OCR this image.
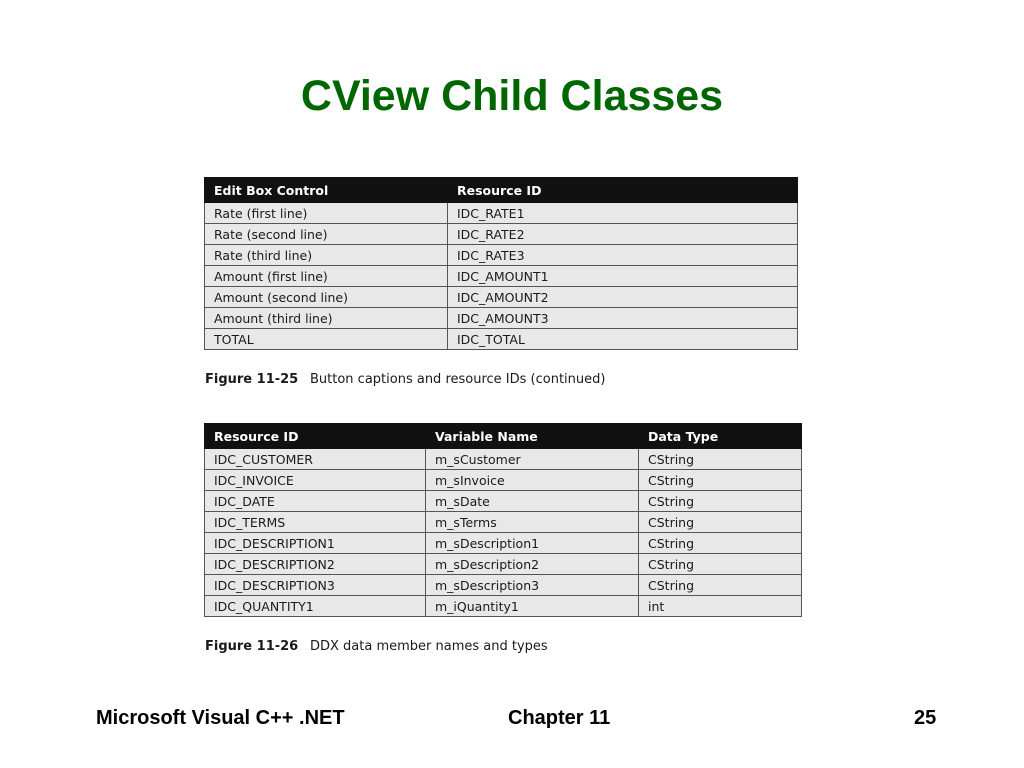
CView Child Classes
Edit Box Control	Resource ID
Rate (first line)	IDC_RATE1
Rate (second line)	IDC_RATE2
Rate (third line)	IDC_RATE3
Amount (first line)	IDC_AMOUNT1
Amount (second line)	IDC_AMOUNT2
Amount (third line)	IDC_AMOUNT3
TOTAL	IDC_TOTAL
Figure 11-25 Button captions and resource IDs (continued)
Resource ID	Variable Name	Data Type
IDC_CUSTOMER	m_sCustomer	CString
IDC_INVOICE	m_sInvoice	CString
IDC_DATE	m_sDate	CString
IDC_TERMS	m_sTerms	CString
IDC_DESCRIPTION1	m_sDescription1	CString
IDC_DESCRIPTION2	m_sDescription2	CString
IDC_DESCRIPTION3	m_sDescription3	CString
IDC_QUANTITY1	m_iQuantity1	int
Figure 11-26 DDX data member names and types
Microsoft Visual C++ .NET	Chapter 11	25
